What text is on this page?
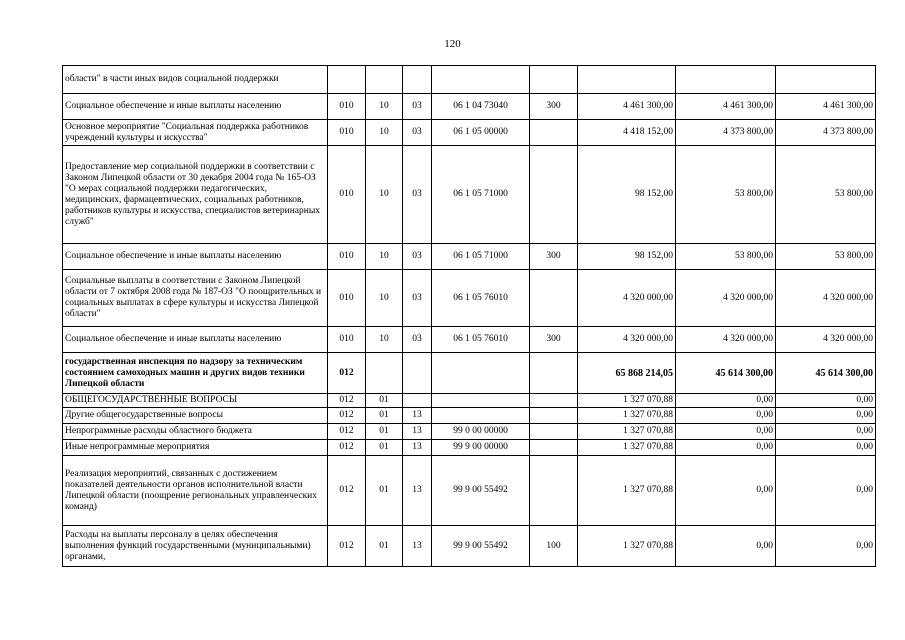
120
области" в части иных видов социальной поддержки								
Социальное обеспечение и иные выплаты населению	010	10	03	06 1 04 73040	300	4 461 300,00	4 461 300,00	4 461 300,00
Основное мероприятие "Социальная поддержка работников учреждений культуры и искусства"	010	10	03	06 1 05 00000		4 418 152,00	4 373 800,00	4 373 800,00
Предоставление мер социальной поддержки в соответствии с Законом Липецкой области от 30 декабря 2004 года № 165-ОЗ "О мерах социальной поддержки педагогических, медицинских, фармацевтических, социальных работников, работников культуры и искусства, специалистов ветеринарных служб"	010	10	03	06 1 05 71000		98 152,00	53 800,00	53 800,00
Социальное обеспечение и иные выплаты населению	010	10	03	06 1 05 71000	300	98 152,00	53 800,00	53 800,00
Социальные выплаты в соответствии с Законом Липецкой области от 7 октября 2008 года № 187-ОЗ "О поощрительных и социальных выплатах в сфере культуры и искусства Липецкой области"	010	10	03	06 1 05 76010		4 320 000,00	4 320 000,00	4 320 000,00
Социальное обеспечение и иные выплаты населению	010	10	03	06 1 05 76010	300	4 320 000,00	4 320 000,00	4 320 000,00
государственная инспекция по надзору за техническим состоянием самоходных машин и других видов техники Липецкой области	012					65 868 214,05	45 614 300,00	45 614 300,00
ОБЩЕГОСУДАРСТВЕННЫЕ ВОПРОСЫ	012	01				1 327 070,88	0,00	0,00
Другие общегосударственные вопросы	012	01	13			1 327 070,88	0,00	0,00
Непрограммные расходы областного бюджета	012	01	13	99 0 00 00000		1 327 070,88	0,00	0,00
Иные непрограммные мероприятия	012	01	13	99 9 00 00000		1 327 070,88	0,00	0,00
Реализация мероприятий, связанных с достижением показателей деятельности органов исполнительной власти Липецкой области (поощрение региональных управленческих команд)	012	01	13	99 9 00 55492		1 327 070,88	0,00	0,00
Расходы на выплаты персоналу в целях обеспечения выполнения функций государственными (муниципальными) органами,	012	01	13	99 9 00 55492	100	1 327 070,88	0,00	0,00
